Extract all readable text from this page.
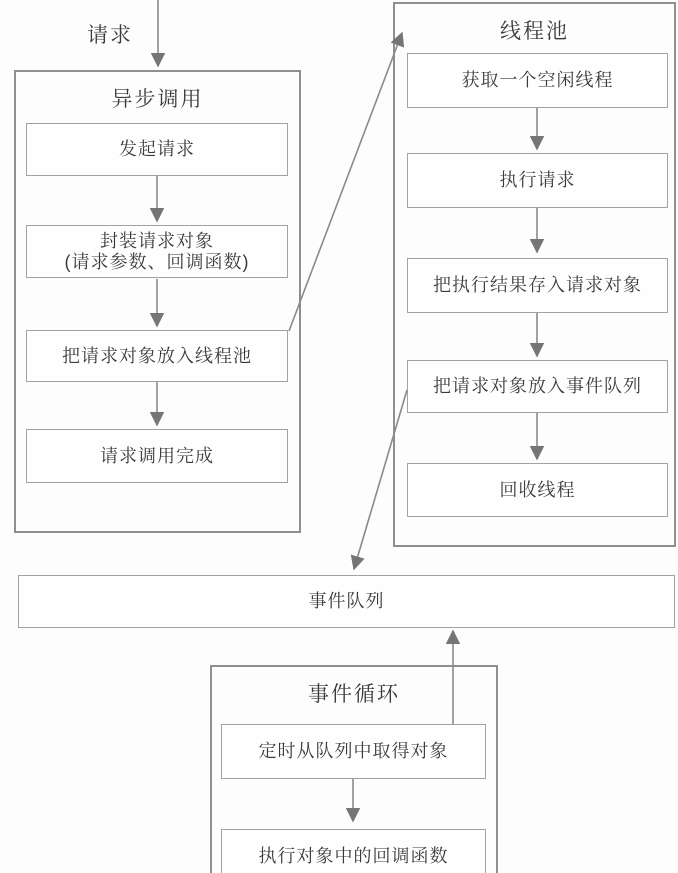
请求
异步调用
线程池
事件循环
发起请求
封装请求对象
(请求参数、回调函数)
把请求对象放入线程池
请求调用完成
获取一个空闲线程
执行请求
把执行结果存入请求对象
把请求对象放入事件队列
回收线程
事件队列
定时从队列中取得对象
执行对象中的回调函数
